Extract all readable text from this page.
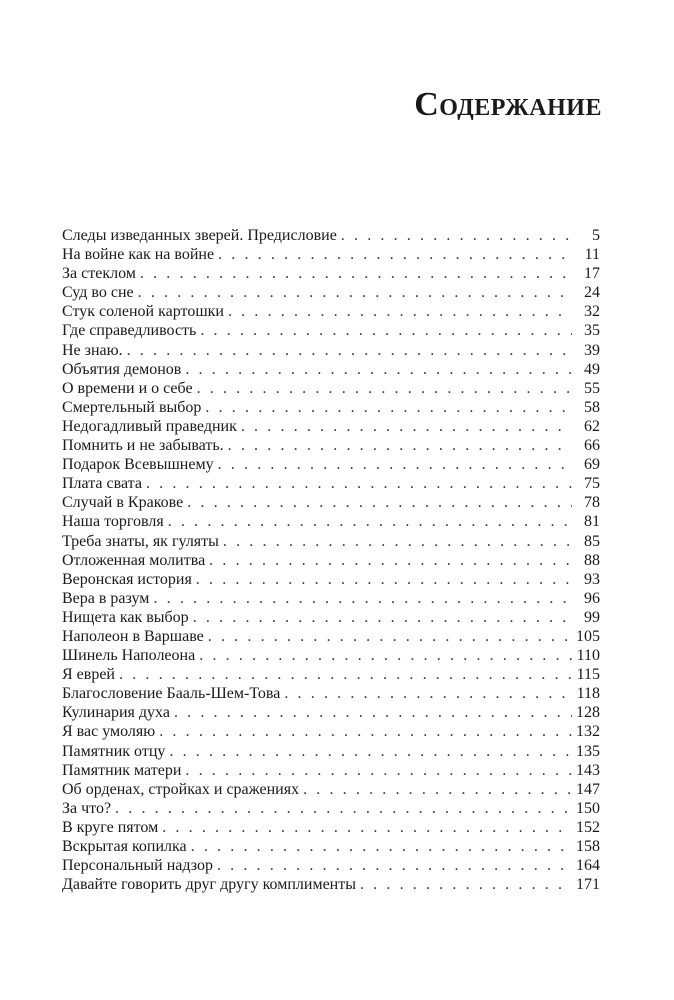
Содержание
Следы изведанных зверей. Предисловие . . .	5
На войне как на войне . . .	11
За стеклом . . .	17
Суд во сне . . .	24
Стук соленой картошки . . .	32
Где справедливость . . .	35
Не знаю. . . .	39
Объятия демонов . . .	49
О времени и о себе . . .	55
Смертельный выбор . . .	58
Недогадливый праведник . . .	62
Помнить и не забывать. . . .	66
Подарок Всевышнему . . .	69
Плата свата . . .	75
Случай в Кракове . . .	78
Наша торговля . . .	81
Треба знаты, як гуляты . . .	85
Отложенная молитва . . .	88
Веронская история . . .	93
Вера в разум . . .	96
Нищета как выбор . . .	99
Наполеон в Варшаве . . .	105
Шинель Наполеона . . .	110
Я еврей . . .	115
Благословение Бааль-Шем-Това . . .	118
Кулинария духа . . .	128
Я вас умоляю . . .	132
Памятник отцу . . .	135
Памятник матери . . .	143
Об орденах, стройках и сражениях . . .	147
За что? . . .	150
В круге пятом . . .	152
Вскрытая копилка . . .	158
Персональный надзор . . .	164
Давайте говорить друг другу комплименты . . .	171
